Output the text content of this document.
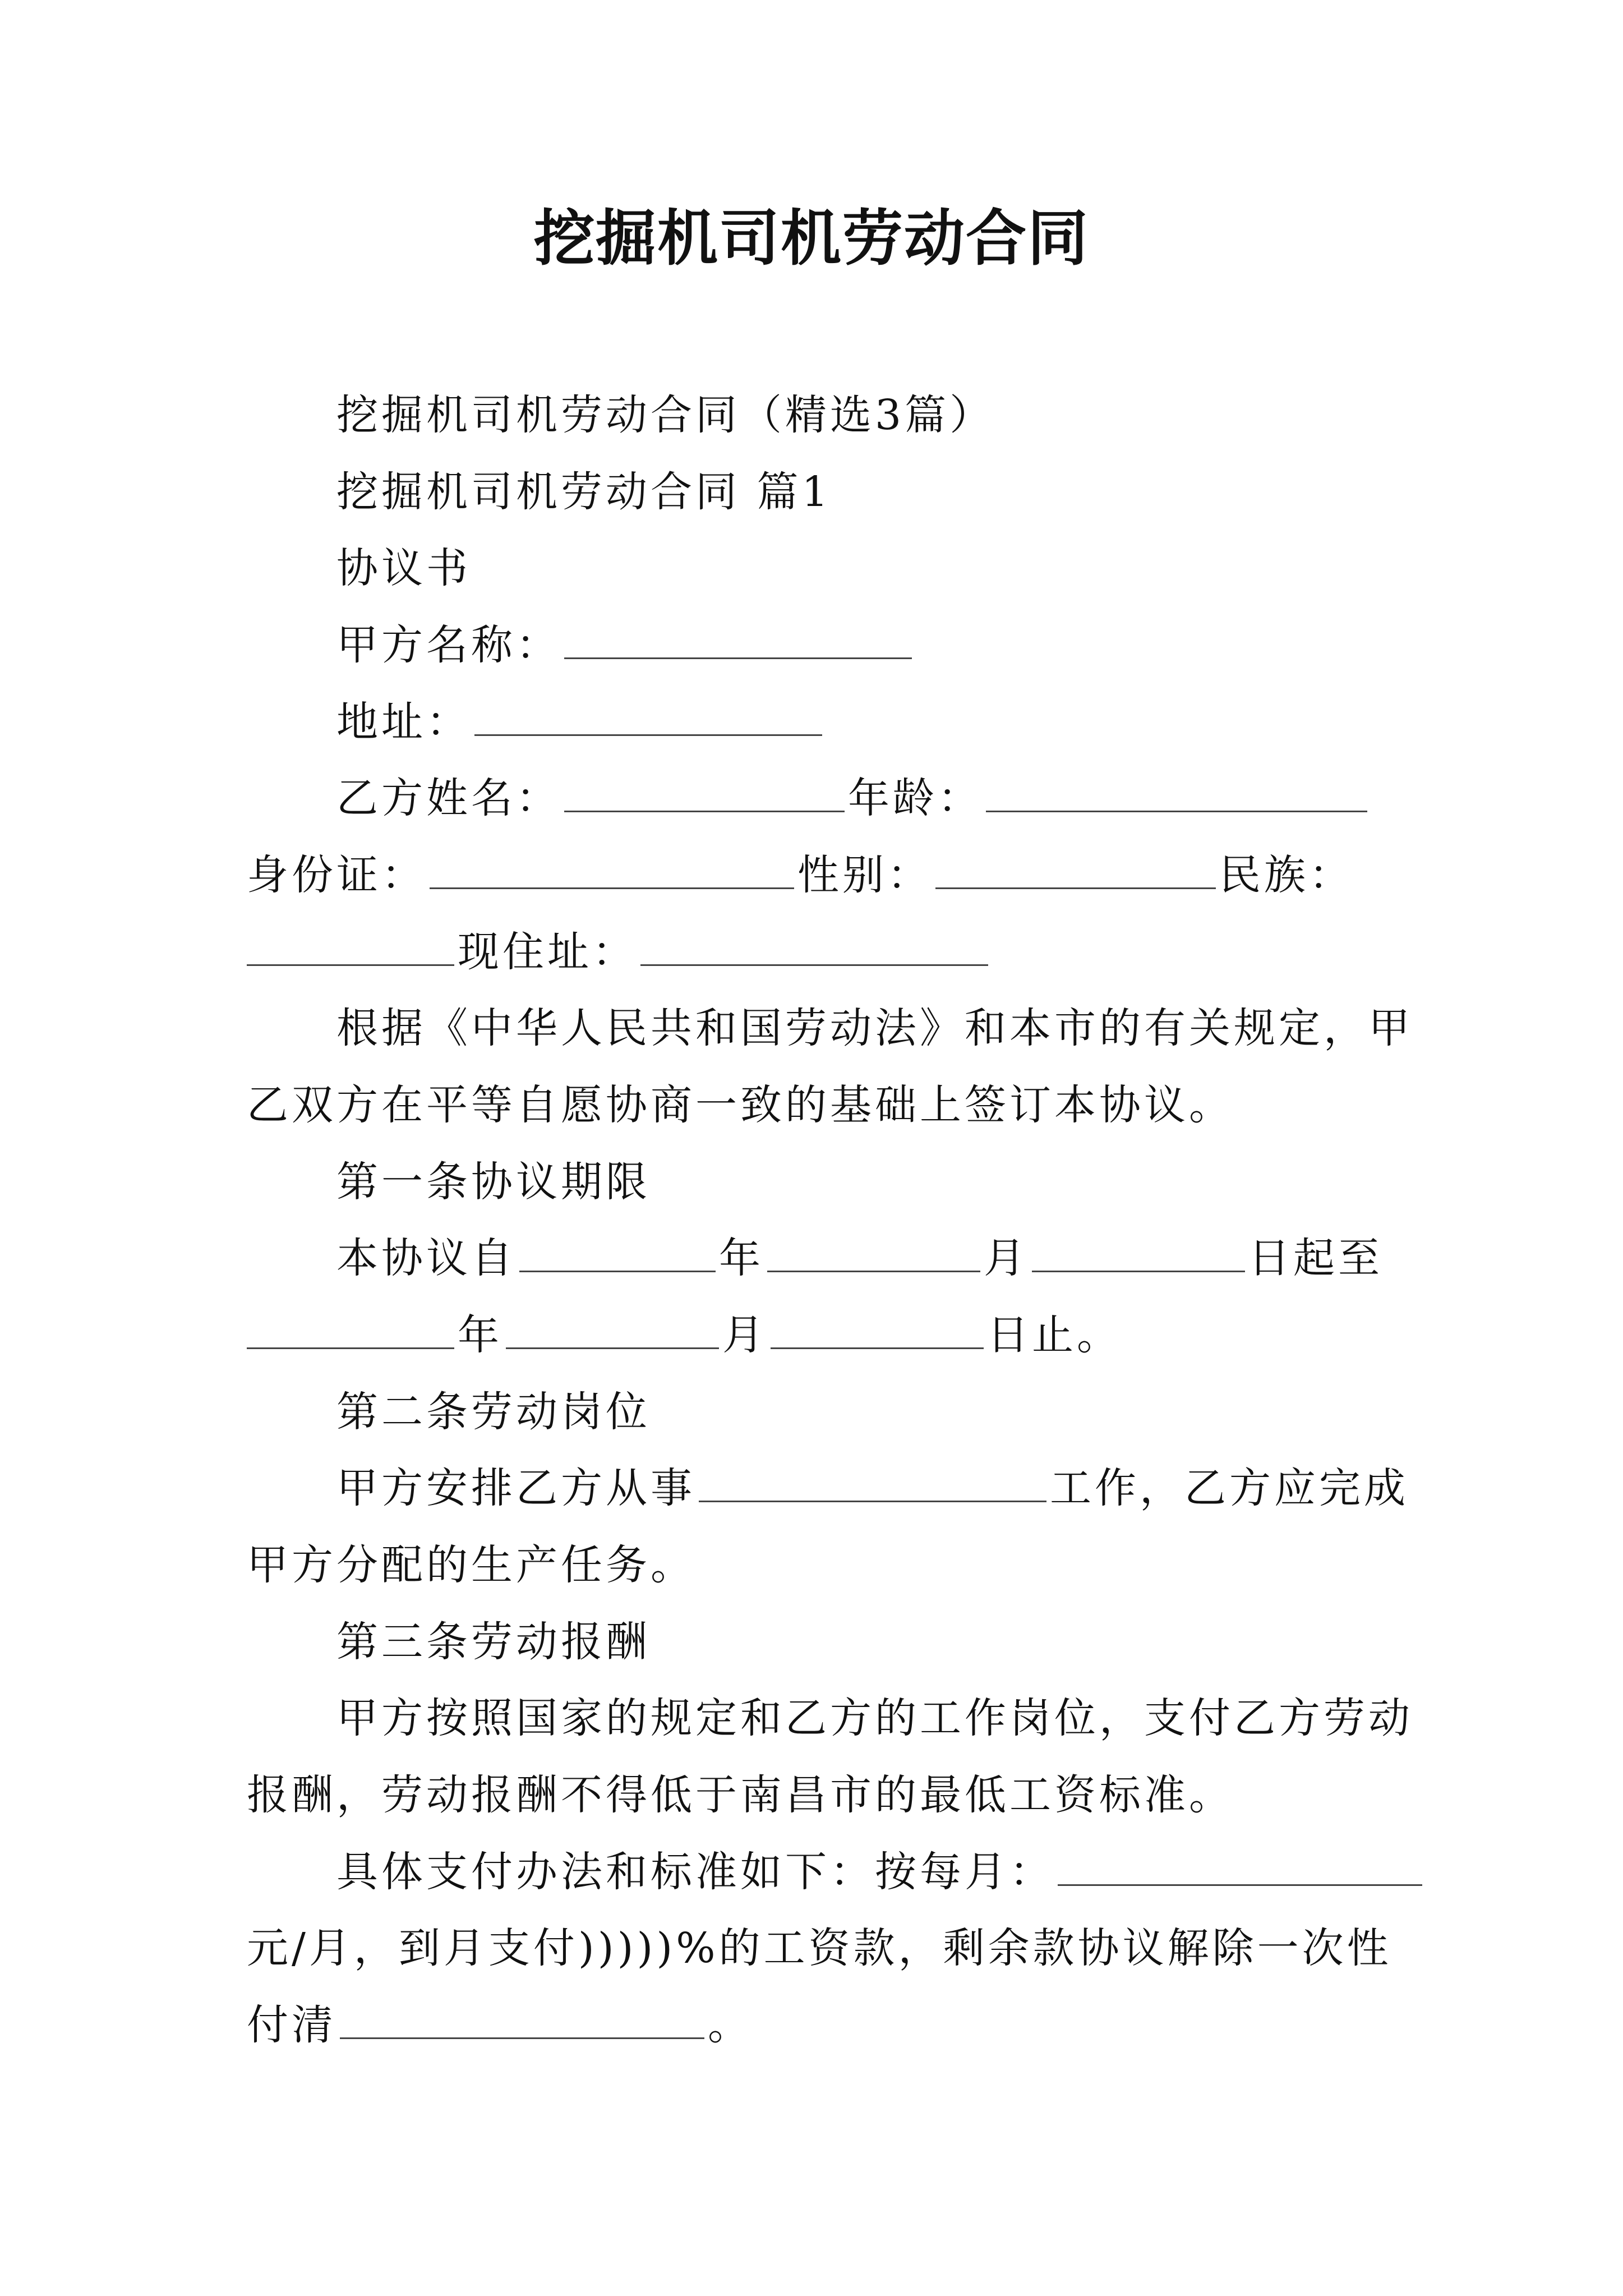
挖掘机司机劳动合同
挖掘机司机劳动合同（精选3篇）
挖掘机司机劳动合同 篇1
协议书
甲方名称：
地址：
乙方姓名：	年龄：
身份证：	性别：	民族：
现住址：
根据《中华人民共和国劳动法》和本市的有关规定，甲
乙双方在平等自愿协商一致的基础上签订本协议。
第一条协议期限
本协议自	年	月	日起至
年	月	日止。
第二条劳动岗位
甲方安排乙方从事	工作，乙方应完成
甲方分配的生产任务。
第三条劳动报酬
甲方按照国家的规定和乙方的工作岗位，支付乙方劳动
报酬，劳动报酬不得低于南昌市的最低工资标准。
具体支付办法和标准如下：按每月：
元/月，到月支付)))))%的工资款，剩余款协议解除一次性
付清	。
